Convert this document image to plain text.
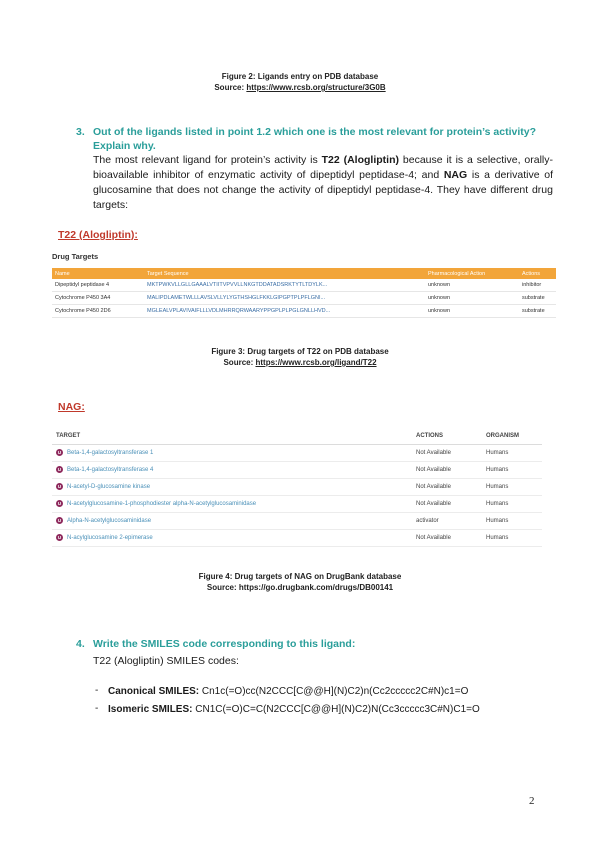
Figure 2: Ligands entry on PDB database
Source: https://www.rcsb.org/structure/3G0B
3. Out of the ligands listed in point 1.2 which one is the most relevant for protein’s activity? Explain why.
The most relevant ligand for protein’s activity is T22 (Alogliptin) because it is a selective, orally-bioavailable inhibitor of enzymatic activity of dipeptidyl peptidase-4; and NAG is a derivative of glucosamine that does not change the activity of dipeptidyl peptidase-4. They have different drug targets:
T22 (Alogliptin):
Drug Targets
Name	Target Sequence	Pharmacological Action	Actions
Dipeptidyl peptidase 4	MKTPWKVLLGLLGAAALVTIITVPVVLLNKGTDDATADSRKTYTLTDYLK...	unknown	inhibitor
Cytochrome P450 3A4	MALIPDLAMETWLLLAVSLVLLYLYGTHSHGLFKKLGIPGPTPLPFLGNI...	unknown	substrate
Cytochrome P450 2D6	MGLEALVPLAVIVAIFLLLVDLMHRRQRWAARYPPGPLPLPGLGNLLHVD...	unknown	substrate
Figure 3: Drug targets of T22 on PDB database
Source: https://www.rcsb.org/ligand/T22
NAG:
TARGET	ACTIONS	ORGANISM
U Beta-1,4-galactosyltransferase 1	Not Available	Humans
U Beta-1,4-galactosyltransferase 4	Not Available	Humans
U N-acetyl-D-glucosamine kinase	Not Available	Humans
U N-acetylglucosamine-1-phosphodiester alpha-N-acetylglucosaminidase	Not Available	Humans
U Alpha-N-acetylglucosaminidase	activator	Humans
U N-acylglucosamine 2-epimerase	Not Available	Humans
Figure 4: Drug targets of NAG on DrugBank database
Source: https://go.drugbank.com/drugs/DB00141
4. Write the SMILES code corresponding to this ligand:
T22 (Alogliptin) SMILES codes:
- Canonical SMILES: Cn1c(=O)cc(N2CCC[C@@H](N)C2)n(Cc2ccccc2C#N)c1=O
- Isomeric SMILES: CN1C(=O)C=C(N2CCC[C@@H](N)C2)N(Cc3ccccc3C#N)C1=O
2
